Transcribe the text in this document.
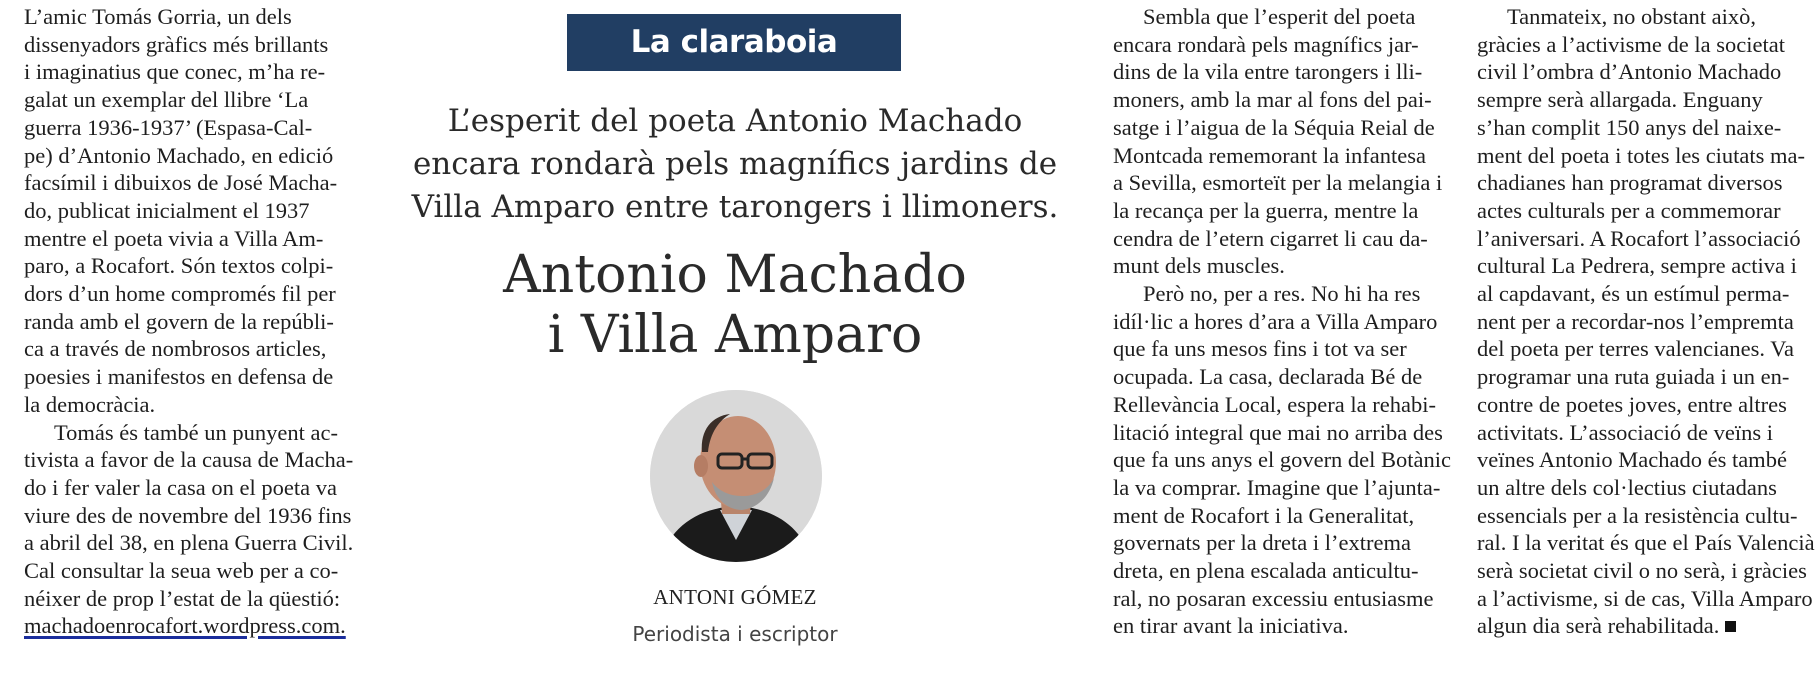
L’amic Tomás Gorria, un dels
dissenyadors gràfics més brillants
i imaginatius que conec, m’ha re-
galat un exemplar del llibre ‘La
guerra 1936-1937’ (Espasa-Cal-
pe) d’Antonio Machado, en edició
facsímil i dibuixos de José Macha-
do, publicat inicialment el 1937
mentre el poeta vivia a Villa Am-
paro, a Rocafort. Són textos colpi-
dors d’un home compromés fil per
randa amb el govern de la repúbli-
ca a través de nombrosos articles,
poesies i manifestos en defensa de
la democràcia.
Tomás és també un punyent ac-
tivista a favor de la causa de Macha-
do i fer valer la casa on el poeta va
viure des de novembre del 1936 fins
a abril del 38, en plena Guerra Civil.
Cal consultar la seua web per a co-
néixer de prop l’estat de la qüestió:
machadoenrocafort.wordpress.com.
La claraboia
L’esperit del poeta Antonio Machado
encara rondarà pels magnífics jardins de
Villa Amparo entre tarongers i llimoners.
Antonio Machado
i Villa Amparo
ANTONI GÓMEZ
Periodista i escriptor
Sembla que l’esperit del poeta
encara rondarà pels magnífics jar-
dins de la vila entre tarongers i lli-
moners, amb la mar al fons del pai-
satge i l’aigua de la Séquia Reial de
Montcada rememorant la infantesa
a Sevilla, esmorteït per la melangia i
la recança per la guerra, mentre la
cendra de l’etern cigarret li cau da-
munt dels muscles.
Però no, per a res. No hi ha res
idíl·lic a hores d’ara a Villa Amparo
que fa uns mesos fins i tot va ser
ocupada. La casa, declarada Bé de
Rellevància Local, espera la rehabi-
litació integral que mai no arriba des
que fa uns anys el govern del Botànic
la va comprar. Imagine que l’ajunta-
ment de Rocafort i la Generalitat,
governats per la dreta i l’extrema
dreta, en plena escalada anticultu-
ral, no posaran excessiu entusiasme
en tirar avant la iniciativa.
Tanmateix, no obstant això,
gràcies a l’activisme de la societat
civil l’ombra d’Antonio Machado
sempre serà allargada. Enguany
s’han complit 150 anys del naixe-
ment del poeta i totes les ciutats ma-
chadianes han programat diversos
actes culturals per a commemorar
l’aniversari. A Rocafort l’associació
cultural La Pedrera, sempre activa i
al capdavant, és un estímul perma-
nent per a recordar-nos l’empremta
del poeta per terres valencianes. Va
programar una ruta guiada i un en-
contre de poetes joves, entre altres
activitats. L’associació de veïns i
veïnes Antonio Machado és també
un altre dels col·lectius ciutadans
essencials per a la resistència cultu-
ral. I la veritat és que el País Valencià
serà societat civil o no serà, i gràcies
a l’activisme, si de cas, Villa Amparo
algun dia serà rehabilitada.
